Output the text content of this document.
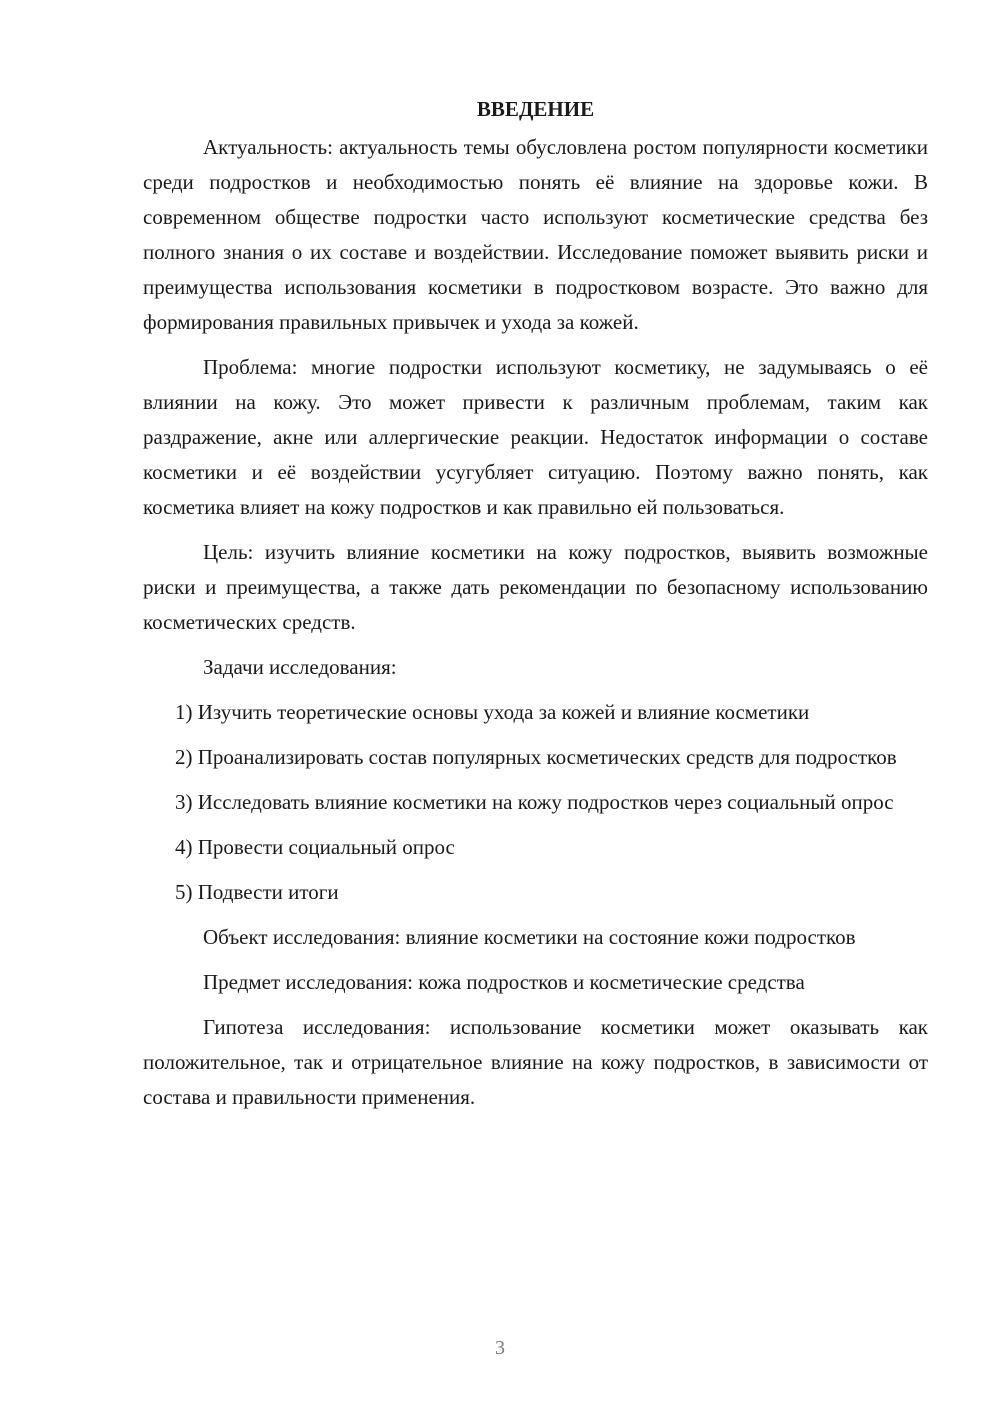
ВВЕДЕНИЕ

Актуальность: актуальность темы обусловлена ростом популярности косметики среди подростков и необходимостью понять её влияние на здоровье кожи. В современном обществе подростки часто используют косметические средства без полного знания о их составе и воздействии. Исследование поможет выявить риски и преимущества использования косметики в подростковом возрасте. Это важно для формирования правильных привычек и ухода за кожей.

Проблема: многие подростки используют косметику, не задумываясь о её влиянии на кожу. Это может привести к различным проблемам, таким как раздражение, акне или аллергические реакции. Недостаток информации о составе косметики и её воздействии усугубляет ситуацию. Поэтому важно понять, как косметика влияет на кожу подростков и как правильно ей пользоваться.

Цель: изучить влияние косметики на кожу подростков, выявить возможные риски и преимущества, а также дать рекомендации по безопасному использованию косметических средств.

Задачи исследования:

1) Изучить теоретические основы ухода за кожей и влияние косметики

2) Проанализировать состав популярных косметических средств для подростков

3) Исследовать влияние косметики на кожу подростков через социальный опрос

4) Провести социальный опрос

5) Подвести итоги

Объект исследования: влияние косметики на состояние кожи подростков

Предмет исследования: кожа подростков и косметические средства

Гипотеза исследования: использование косметики может оказывать как положительное, так и отрицательное влияние на кожу подростков, в зависимости от состава и правильности применения.

3
